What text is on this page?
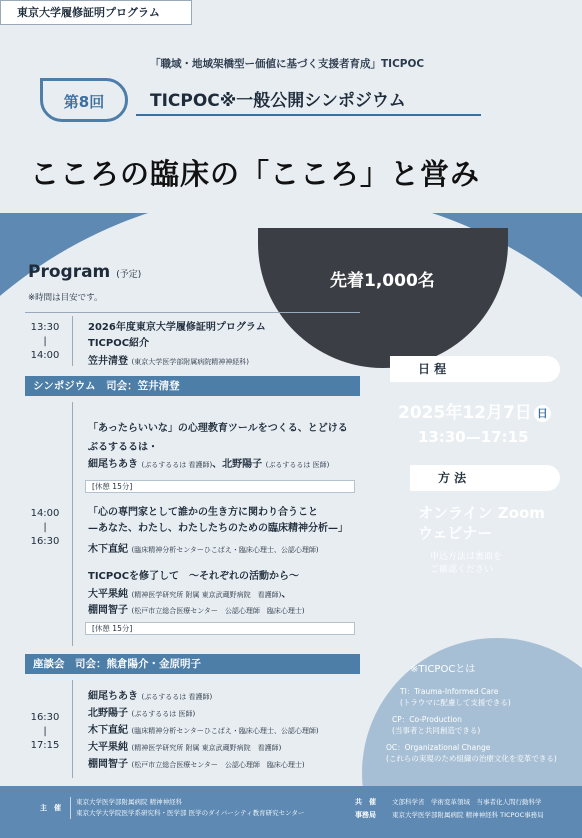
東京大学履修証明プログラム
「職域・地域架橋型ー価値に基づく支援者育成」TICPOC
第8回	TICPOC※一般公開シンポジウム
こころの臨床の「こころ」と営み
先着1,000名
Program (予定)
※時間は目安です。
13:30
|
14:00
2026年度東京大学履修証明プログラム
TICPOC紹介
笠井清登 (東京大学医学部附属病院精神神経科)
シンポジウム　司会：笠井清登
14:00
|
16:30
「あったらいいな」の心理教育ツールをつくる、とどける
ぶるするるは・
細尾ちあき (ぶるするるは 看護師)、北野陽子 (ぶるするるは 医師)
[休憩 15分]
「心の専門家として誰かの生き方に関わり合うこと
—あなた、わたし、わたしたちのための臨床精神分析—」
木下直紀 (臨床精神分析センターひこばえ・臨床心理士、公認心理師)
TICPOCを修了して　〜それぞれの活動から〜
大平果純 (精神医学研究所 附属 東京武蔵野病院　看護師)、
棚岡智子 (松戸市立総合医療センター　公認心理師　臨床心理士)
[休憩 15分]
座談会　司会：熊倉陽介・金原明子
16:30
|
17:15
細尾ちあき (ぶるするるは 看護師)
北野陽子 (ぶるするるは 医師)
木下直紀 (臨床精神分析センターひこばえ・臨床心理士、公認心理師)
大平果純 (精神医学研究所 附属 東京武蔵野病院　看護師)
棚岡智子 (松戸市立総合医療センター　公認心理師　臨床心理士)
日 程
2025年12月7日 日
13:30—17:15
方 法
オンライン Zoom
ウェビナー
申込方法は裏面を
ご確認ください
※TICPOCとは
TI：Trauma-Informed Care
(トラウマに配慮して支援できる)
CP：Co-Production
(当事者と共同創造できる)
OC：Organizational Change
(これらの実現のため組織の治療文化を変革できる)
主　催
東京大学医学部附属病院 精神神経科
東京大学大学院医学系研究科・医学部 医学のダイバーシティ教育研究センター
共　催 文部科学省　学術変革領域　当事者化人間行動科学
事務局 東京大学医学部附属病院 精神神経科 TICPOC事務局
